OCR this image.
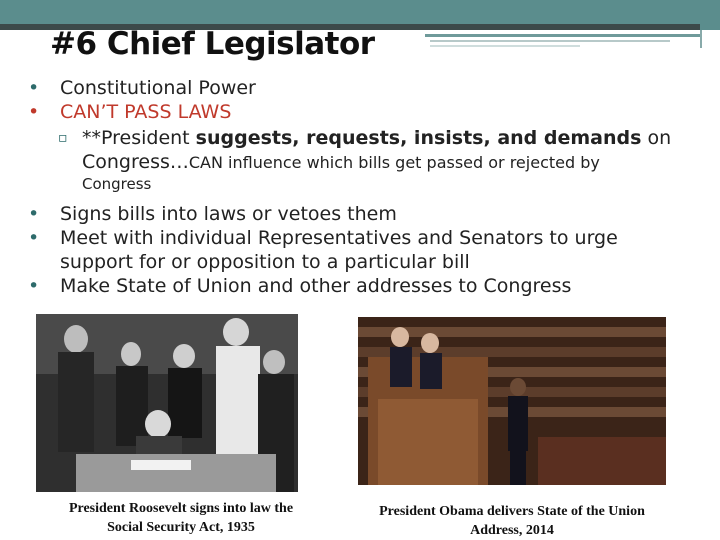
#6 Chief Legislator
•	Constitutional Power
•	CAN’T PASS LAWS
▫ **President suggests, requests, insists, and demands on
Congress…CAN influence which bills get passed or rejected by
Congress
•	Signs bills into laws or vetoes them
•	Meet with individual Representatives and Senators to urge
support for or opposition to a particular bill
•	Make State of Union and other addresses to Congress
President Roosevelt signs into law the
Social Security Act, 1935
President Obama delivers State of the Union
Address, 2014
